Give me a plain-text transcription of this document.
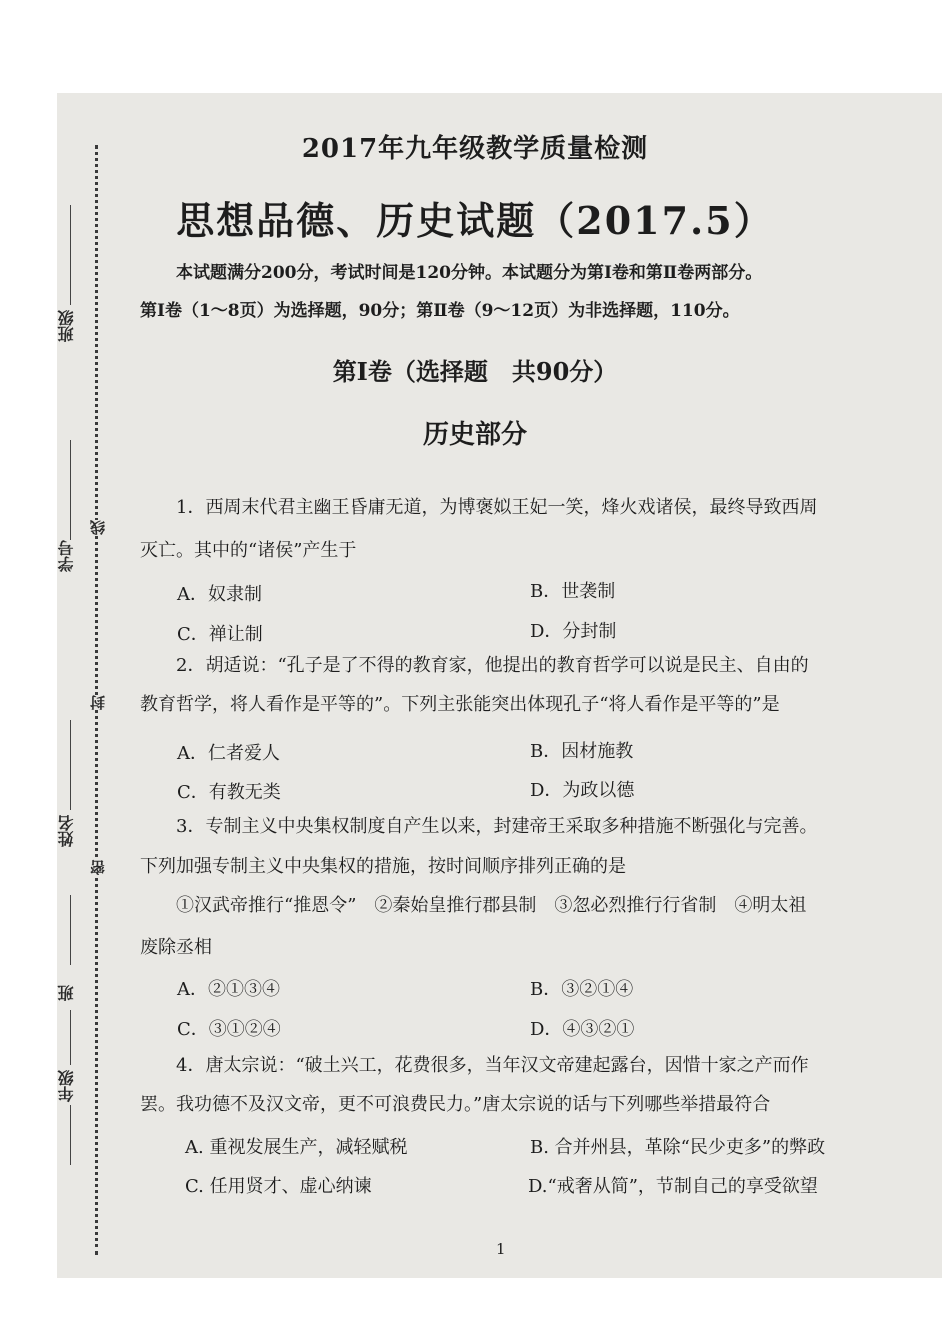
班级
学号
线
封
姓名
密
班
年级
2017年九年级教学质量检测
思想品德、历史试题（2017.5）
本试题满分200分，考试时间是120分钟。本试题分为第Ⅰ卷和第Ⅱ卷两部分。
第Ⅰ卷（1～8页）为选择题，90分；第Ⅱ卷（9～12页）为非选择题，110分。
第Ⅰ卷（选择题　共90分）
历史部分
1．西周末代君主幽王昏庸无道，为博褒姒王妃一笑，烽火戏诸侯，最终导致西周
灭亡。其中的“诸侯”产生于
A．奴隶制	B．世袭制
C．禅让制	D．分封制
2．胡适说：“孔子是了不得的教育家，他提出的教育哲学可以说是民主、自由的
教育哲学，将人看作是平等的”。下列主张能突出体现孔子“将人看作是平等的”是
A．仁者爱人	B．因材施教
C．有教无类	D．为政以德
3．专制主义中央集权制度自产生以来，封建帝王采取多种措施不断强化与完善。
下列加强专制主义中央集权的措施，按时间顺序排列正确的是
①汉武帝推行“推恩令”　②秦始皇推行郡县制　③忽必烈推行行省制　④明太祖
废除丞相
A．②①③④	B．③②①④
C．③①②④	D．④③②①
4．唐太宗说：“破土兴工，花费很多，当年汉文帝建起露台，因惜十家之产而作
罢。我功德不及汉文帝，更不可浪费民力。”唐太宗说的话与下列哪些举措最符合
A. 重视发展生产，减轻赋税	B. 合并州县，革除“民少吏多”的弊政
C. 任用贤才、虚心纳谏	D.“戒奢从简”，节制自己的享受欲望
1
